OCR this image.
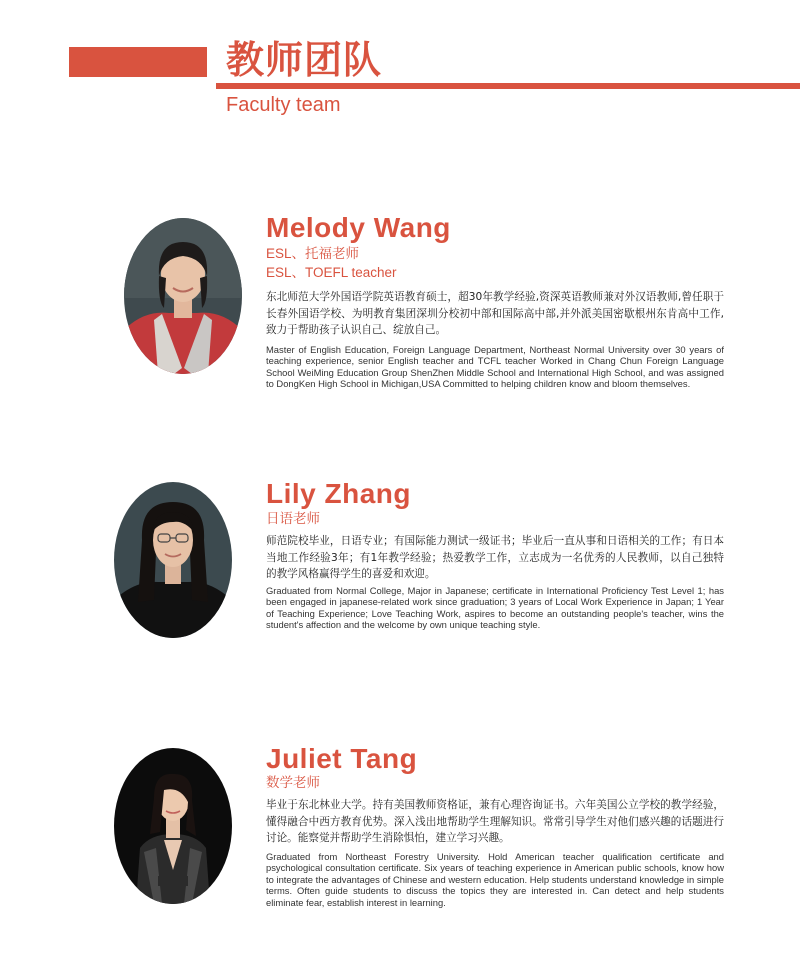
教师团队
Faculty team
Melody Wang
ESL、托福老师
ESL、TOEFL teacher
东北师范大学外国语学院英语教育硕士，超30年教学经验,资深英语教师兼对外汉语教师,曾任职于长春外国语学校、为明教育集团深圳分校初中部和国际高中部,并外派美国密歇根州东肯高中工作,致力于帮助孩子认识自己、绽放自己。
Master of English Education, Foreign Language Department, Northeast Normal University over 30 years of teaching experience, senior English teacher and TCFL teacher Worked in Chang Chun Foreign Language School WeiMing Education Group ShenZhen Middle School and International High School, and was assigned to DongKen High School in Michigan,USA Committed to helping children know and bloom themselves.
Lily Zhang
日语老师
师范院校毕业，日语专业；有国际能力测试一级证书；毕业后一直从事和日语相关的工作；有日本当地工作经验3年；有1年教学经验；热爱教学工作，立志成为一名优秀的人民教师，以自己独特的教学风格赢得学生的喜爱和欢迎。
Graduated from Normal College, Major in Japanese; certificate in International Proficiency Test Level 1; has been engaged in japanese-related work since graduation; 3 years of Local Work Experience in Japan; 1 Year of Teaching Experience; Love Teaching Work, aspires to become an outstanding people's teacher, wins the student's affection and the welcome by own unique teaching style.
Juliet Tang
数学老师
毕业于东北林业大学。持有美国教师资格证，兼有心理咨询证书。六年美国公立学校的教学经验，懂得融合中西方教育优势。深入浅出地帮助学生理解知识。常常引导学生对他们感兴趣的话题进行讨论。能察觉并帮助学生消除惧怕，建立学习兴趣。
Graduated from Northeast Forestry University. Hold American teacher qualification certificate and psychological consultation certificate. Six years of teaching experience in American public schools, know how to integrate the advantages of Chinese and western education. Help students understand knowledge in simple terms. Often guide students to discuss the topics they are interested in. Can detect and help students eliminate fear, establish interest in learning.
